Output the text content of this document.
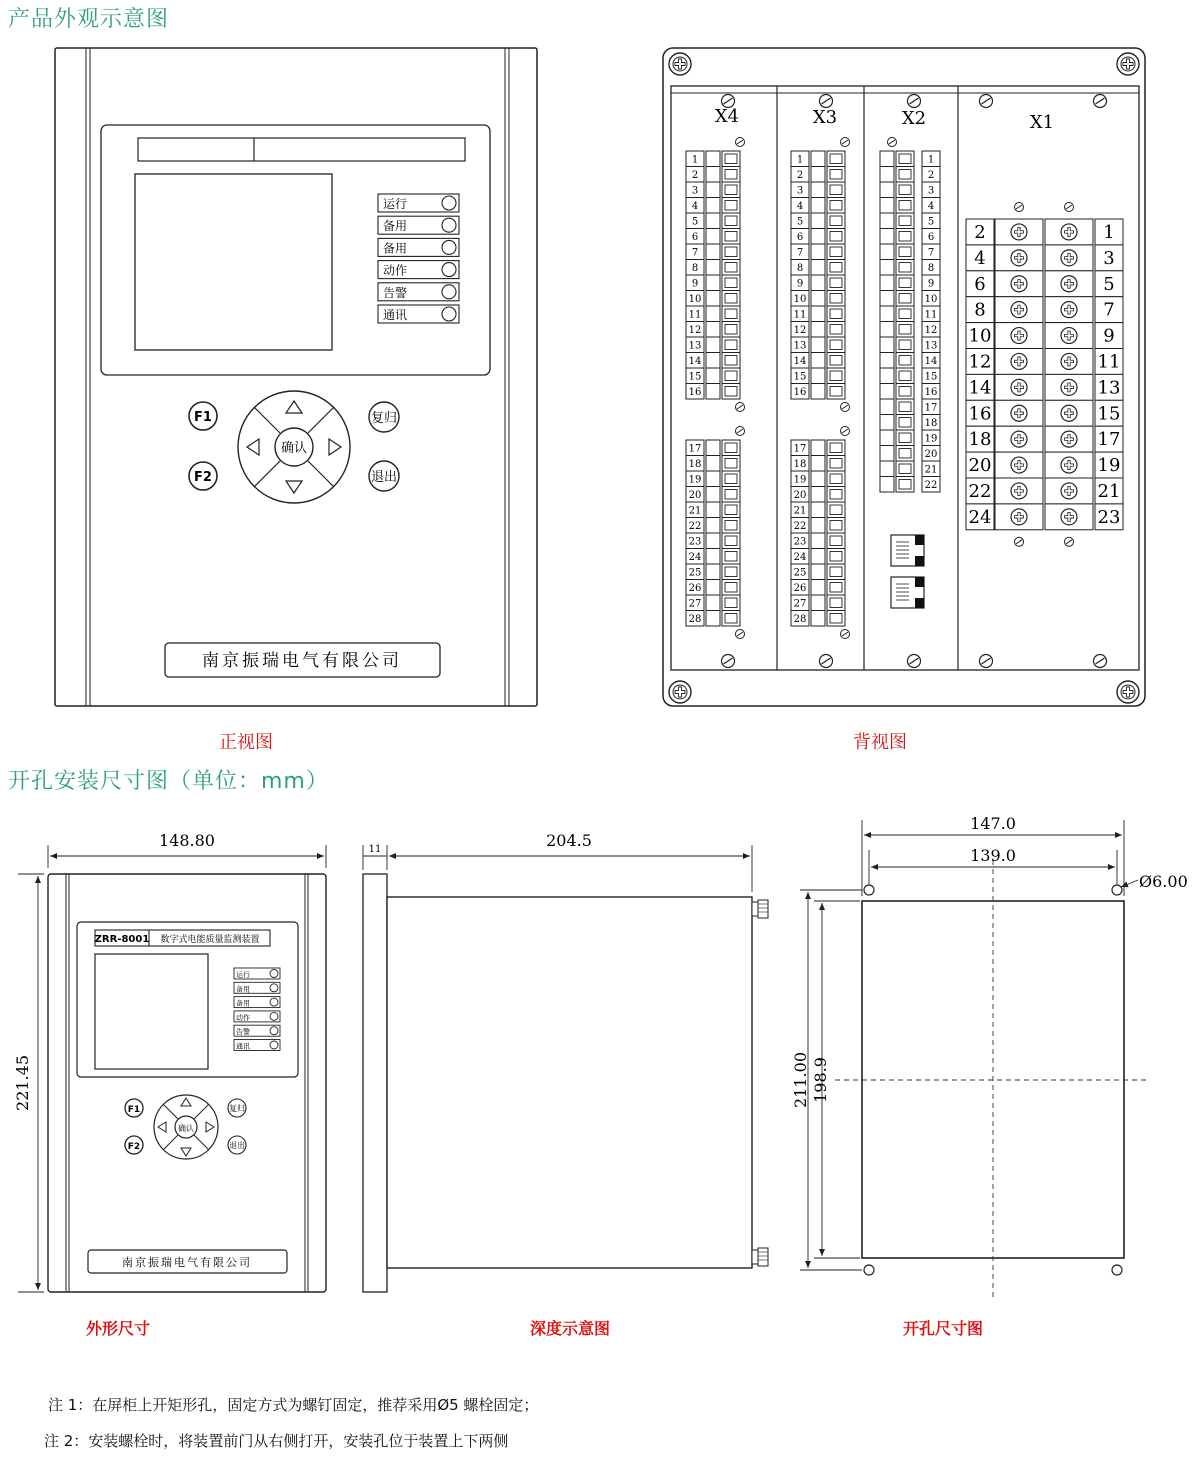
产品外观示意图
开孔安装尺寸图（单位：mm）
运行
备用
备用
动作
告警
通讯
F1
F2
确认
复归
退出
南京振瑞电气有限公司
X4	X3	X2	X1
1
2
3
4
5
6
7
8
9
10
11
12
13
14
15
16
17
18
19
20
21
22
23
24
25
26
27
28
1
2
3
4
5
6
7
8
9
10
11
12
13
14
15
16
17
18
19
20
21
22
23
24
25
26
27
28
1
2
3
4
5
6
7
8
9
10
11
12
13
14
15
16
17
18
19
20
21
22
2	1
4	3
6	5
8	7
10	9
12	11
14	13
16	15
18	17
20	19
22	21
24	23
ZRR-8001 数字式电能质量监测装置
运行
备用
备用
动作
告警
通讯
F1
F2
确认
复归
退出
南京振瑞电气有限公司
148.80
221.45
11	204.5
147.0
139.0
Ø6.00
211.00 198.9
正视图	背视图
外形尺寸	深度示意图	开孔尺寸图
注 1：在屏柜上开矩形孔，固定方式为螺钉固定，推荐采用Ø5 螺栓固定；
注 2：安装螺栓时，将装置前门从右侧打开，安装孔位于装置上下两侧
